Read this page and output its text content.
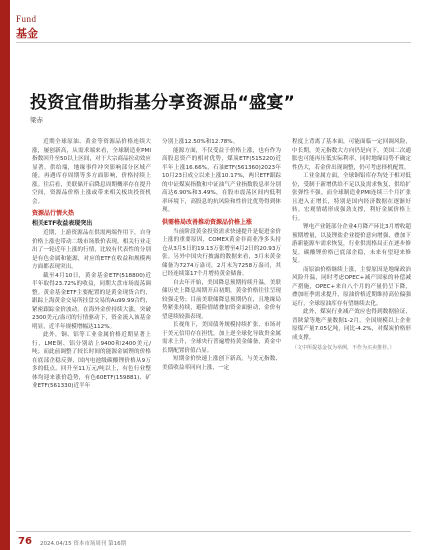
Fund
基金
投资宜借助指基分享资源品“盛宴”
梁赤

近期全球原油、黄金等资源品价格连续大涨，屡创新高，从需求端来看，全球制造业PMI指数回升至50以上区间，对于大宗商品拉动效应显著。供给端，地缘事件冲突影响部分区域产能，再遇库存周期等多方面影响，价格持续上涨。往后看，美联储开启降息周期概率存在提升空间，资源品价格上涨或带来相关板块投资机会。

资源品行情火热
相关ETF收益表现突出

近期，上游资源品在供需两端作用下，自身价格上涨也带动二级市场股价表现，相关行业走出了一轮近年上涨的行情，比较有代表性的分别是有色金属和能源，对应的ETF在收益和规模两方面都表现突出。

截至4月10日，黄金基金ETF(518800)近半年取得23.72%的收益，同期大盘市场震荡调整。黄金基金ETF主要配置的是黄金现货合约，跟踪上海黄金交易所挂盘交易的Au99.99合约，紧密跟踪金价波动。在海外金价持续大涨，突破2300美元/盎司的行情驱动下，资金流入该基金明显，近半年规模增幅达112%。

此外，铜、铝等工业金属价格近期显著上行，LME铜、铝分别站上9400和2400美元/吨；而此前调整了较长时间的能源金属锂的价格在底部企稳反弹，国内电池级碳酸锂价格从9万多的低点，回升至11万元/吨以上，有色行业整体均迎来涨价趋势，有色60ETF(159881)、矿业ETF(561330)近半年

分别上涨12.50%和12.78%。

能源方面，不仅受益于价格上涨，也有作为高股息资产的相对优势，煤炭ETF(515220)近半年上涨16.66%，石油ETF(561360)2023年10月23日成立以来上涨10.17%，两只ETF跟踪的中证煤炭指数和中证油气产业指数股息率分别高达6.90%和3.49%，在股市震荡区间内低利率环境下，高股息的抗风险和性价比优势得到体现。

供需格局改善推动资源品价格上涨

当前阶段黄金投资需求快速提升是促进金价上涨的重要原因，COMEX黄金非商业净多头持仓从3月5日的19.13万张增至4月2日的20.93万张。另外中国央行披露的数据来看，3月末黄金储备为7274万盎司，2月末为7258万盎司，其已经连续第17个月增持黄金储备。

自去年开始，美国降息预期持续升温，美联储历史上降息周期开启初期，黄金价格往往呈现较强走势；目前美联储降息预期仍在，且地缘局势紧张持续，避险情绪叠加资金面驱动，金价有望延续较强表现。

长视角下，美国债务规模持续扩张，市场对于美元信用存在担忧，加上逆全球化导致贵金属需求上升，全球央行普遍增持黄金储备，黄金中长期配置价值凸显。

短期金价快速上涨创下新高，与美元指数、美债收益率同向上涨，一定

程度上背离了基本面，可能面临一定回调风险，中长期，美元指数大方向仍是向下，美国二次通胀也可能再压低实际利率，同时地缘局势不确定性仍大，若金价出现调整，仍可考虑择机配置。

工业金属方面，全球铜铝库存均处于相对低位，受制于新增供给不足以及需求恢复，供给扩张弹性不强。而全球制造业PMI连续三个月扩张且进入正增长，特别是国内经济数据在逐渐好转，宏观情绪形成强劲支撑，利好金属价格上行。

锂电产业链部分企业4月降产环比3月增收超预期增量，以及锂盐企业提价意向增强，叠加下游新能源车需求恢复，行业供需格局正在逐步修复，碳酸锂价格已底部企稳，未来有望迎来修复。

而原油价格继续上涨，主要原因是地缘政治风险升温，同时考虑OPEC+减产国家的补偿减产措施，OPEC+来自八个月的产量仍呈下降，叠加旺季需求提升，原油价格近期维持高位偏强运行，全球原油库存有望继续去化。

此外，煤炭行业减产效应也得到数据验证，晋陕蒙等地产量数据1-2月，全国规模以上企业原煤产量7.05亿吨，同比-4.2%，对煤炭价格形成支撑。

（文中所提基金仅为举例，不作为买卖推荐。）
76 2024.04/15 资本市场周刊 第16期
